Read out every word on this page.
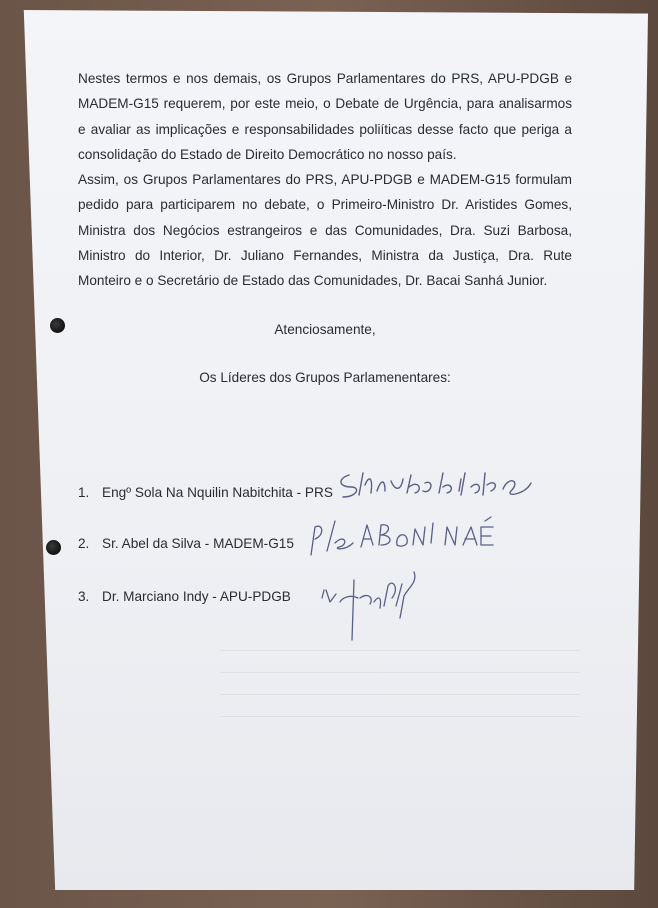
Nestes termos e nos demais, os Grupos Parlamentares do PRS, APU-PDGB e MADEM-G15 requerem, por este meio, o Debate de Urgência, para analisarmos e avaliar as implicações e responsabilidades poliíticas desse facto que periga a consolidação do Estado de Direito Democrático no nosso país.

Assim, os Grupos Parlamentares do PRS, APU-PDGB e MADEM-G15 formulam pedido para participarem no debate, o Primeiro-Ministro Dr. Aristides Gomes, Ministra dos Negócios estrangeiros e das Comunidades, Dra. Suzi Barbosa, Ministro do Interior, Dr. Juliano Fernandes, Ministra da Justiça, Dra. Rute Monteiro e o Secretário de Estado das Comunidades, Dr. Bacai Sanhá Junior.

Atenciosamente,

Os Líderes dos Grupos Parlamenentares:

1. Engº Sola Na Nquilin Nabitchita - PRS
2. Sr. Abel da Silva - MADEM-G15
3. Dr. Marciano Indy - APU-PDGB
